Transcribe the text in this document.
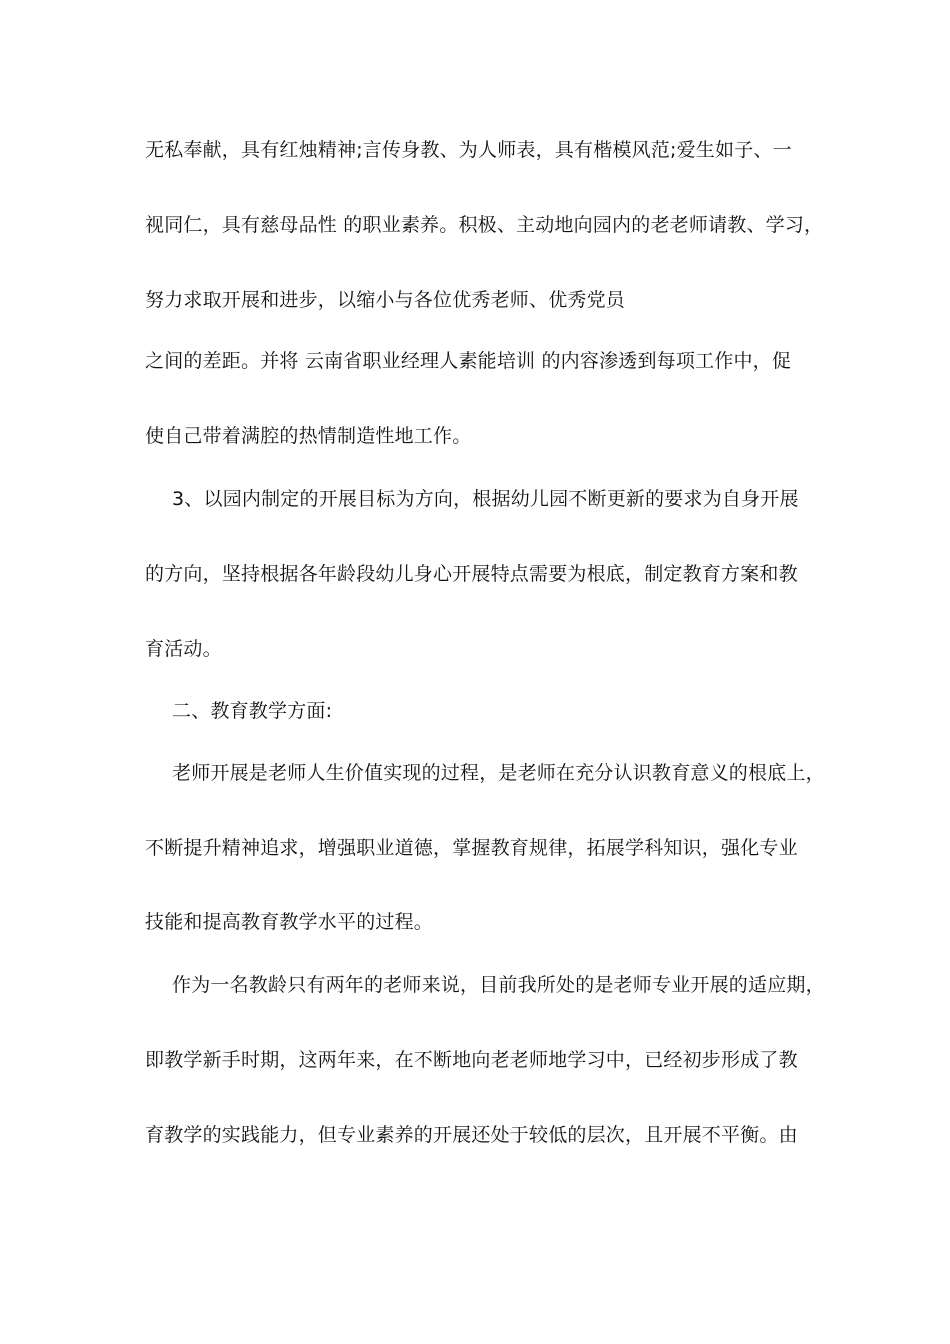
无私奉献，具有红烛精神;言传身教、为人师表，具有楷模风范;爱生如子、一
视同仁，具有慈母品性 的职业素养。积极、主动地向园内的老老师请教、学习，
努力求取开展和进步，以缩小与各位优秀老师、优秀党员
之间的差距。并将 云南省职业经理人素能培训 的内容渗透到每项工作中，促
使自己带着满腔的热情制造性地工作。
3、以园内制定的开展目标为方向，根据幼儿园不断更新的要求为自身开展
的方向，坚持根据各年龄段幼儿身心开展特点需要为根底，制定教育方案和教
育活动。
二、教育教学方面:
老师开展是老师人生价值实现的过程，是老师在充分认识教育意义的根底上，
不断提升精神追求，增强职业道德，掌握教育规律，拓展学科知识，强化专业
技能和提高教育教学水平的过程。
作为一名教龄只有两年的老师来说，目前我所处的是老师专业开展的适应期，
即教学新手时期，这两年来，在不断地向老老师地学习中，已经初步形成了教
育教学的实践能力，但专业素养的开展还处于较低的层次，且开展不平衡。由
